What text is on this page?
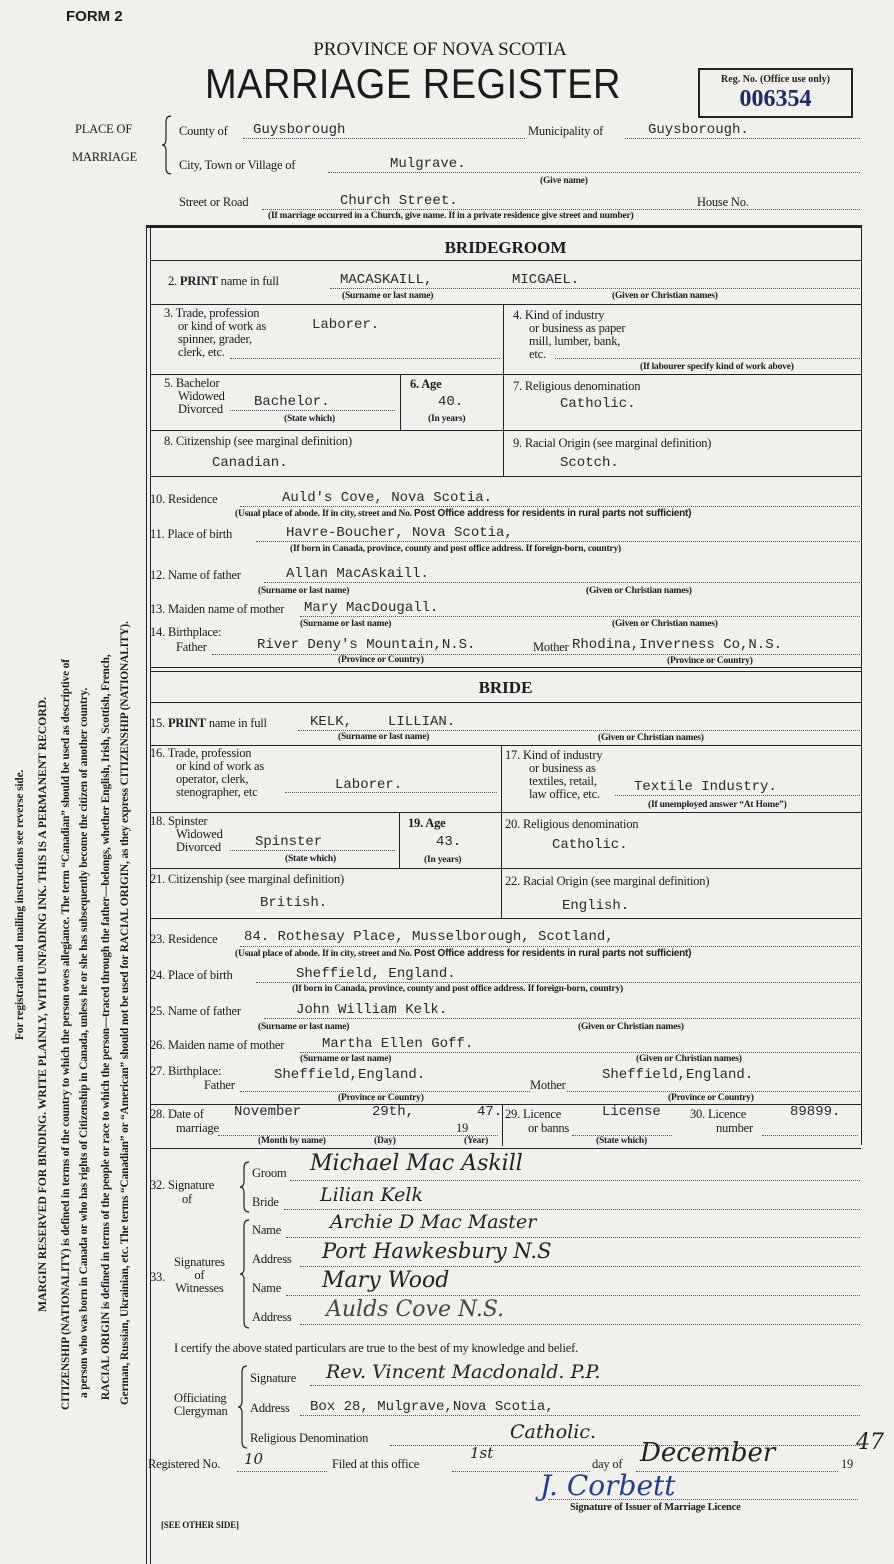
FORM 2
PROVINCE OF NOVA SCOTIA
MARRIAGE REGISTER	Reg. No. (Office use only)
006354
For registration and mailing instructions see reverse side. MARGIN RESERVED FOR BINDING. WRITE PLAINLY, WITH UNFADING INK. THIS IS A PERMANENT RECORD. CITIZENSHIP (NATIONALITY) is defined in terms of the country to which the person owes allegiance. The term “Canadian” should be used as descriptive of a person who was born in Canada or who has rights of Citizenship in Canada, unless he or she has subsequently become the citizen of another country. RACIAL ORIGIN is defined in terms of the people or race to which the person—traced through the father—belongs, whether English, Irish, Scottish, French, German, Russian, Ukrainian, etc. The terms “Canadian” or “American” should not be used for RACIAL ORIGIN, as they express CITIZENSHIP (NATIONALITY).
PLACE OF
MARRIAGE
County of Guysborough	Municipality of	Guysborough.
City, Town or Village of	Mulgrave.
(Give name)
Street or Road	Church Street.	House No.
(If marriage occurred in a Church, give name. If in a private residence give street and number)
BRIDEGROOM
2. PRINT name in full	MACASKAILL,	MICGAEL.
(Surname or last name)	(Given or Christian names)
3. Trade, profession
or kind of work as
spinner, grader,
clerk, etc.
Laborer.
4. Kind of industry
or business as paper
mill, lumber, bank,
etc.
(If labourer specify kind of work above)
5. Bachelor
Widowed
Divorced Bachelor.
(State which)
6. Age
40.
(In years)
7. Religious denomination
Catholic.
8. Citizenship (see marginal definition)
Canadian.
9. Racial Origin (see marginal definition)
Scotch.
10. Residence	Auld's Cove, Nova Scotia.
(Usual place of abode. If in city, street and No. Post Office address for residents in rural parts not sufficient)
11. Place of birth	Havre-Boucher, Nova Scotia,
(If born in Canada, province, county and post office address. If foreign-born, country)
12. Name of father	Allan MacAskaill.
(Surname or last name)	(Given or Christian names)
13. Maiden name of mother Mary MacDougall.
(Surname or last name)	(Given or Christian names)
14. Birthplace:
Father	River Deny's Mountain,N.S.	Mother Rhodina,Inverness Co,N.S.
(Province or Country)	(Province or Country)
BRIDE
15. PRINT name in full	KELK,	LILLIAN.
(Surname or last name)	(Given or Christian names)
16. Trade, profession
or kind of work as
operator, clerk,
stenographer, etc	Laborer.
17. Kind of industry
or business as
textiles, retail,
law office, etc. Textile Industry.
(If unemployed answer “At Home”)
18. Spinster
Widowed
Divorced Spinster
(State which)
19. Age
43.
(In years)
20. Religious denomination
Catholic.
21. Citizenship (see marginal definition)
British.
22. Racial Origin (see marginal definition)
English.
23. Residence 84. Rothesay Place, Musselborough, Scotland,
(Usual place of abode. If in city, street and No. Post Office address for residents in rural parts not sufficient)
24. Place of birth	Sheffield, England.
(If born in Canada, province, county and post office address. If foreign-born, country)
25. Name of father	John William Kelk.
(Surname or last name)	(Given or Christian names)
26. Maiden name of mother	Martha Ellen Goff.
(Surname or last name)	(Given or Christian names)
27. Birthplace:	Sheffield,England.	Sheffield,England.
Father	Mother
(Province or Country)	(Province or Country)
28. Date of
marriage
November	29th,
19
47.
(Month by name)	(Day)	(Year)
29. Licence
or banns
License
(State which)
30. Licence
number
89899.
32. Signature
of
Groom Michael Mac Askill
Bride Lilian Kelk
33.
Signatures
of
Witnesses
Name	Archie D Mac Master
Address Port Hawkesbury N.S
Name Mary Wood
Address Aulds Cove N.S.
I certify the above stated particulars are true to the best of my knowledge and belief.
Officiating
Clergyman
Signature Rev. Vincent Macdonald. P.P.
Address Box 28, Mulgrave,Nova Scotia,
Religious Denomination	Catholic.
Registered No. 10	Filed at this office
1st
day of December	19
47
J. Corbett
Signature of Issuer of Marriage Licence
[SEE OTHER SIDE]
